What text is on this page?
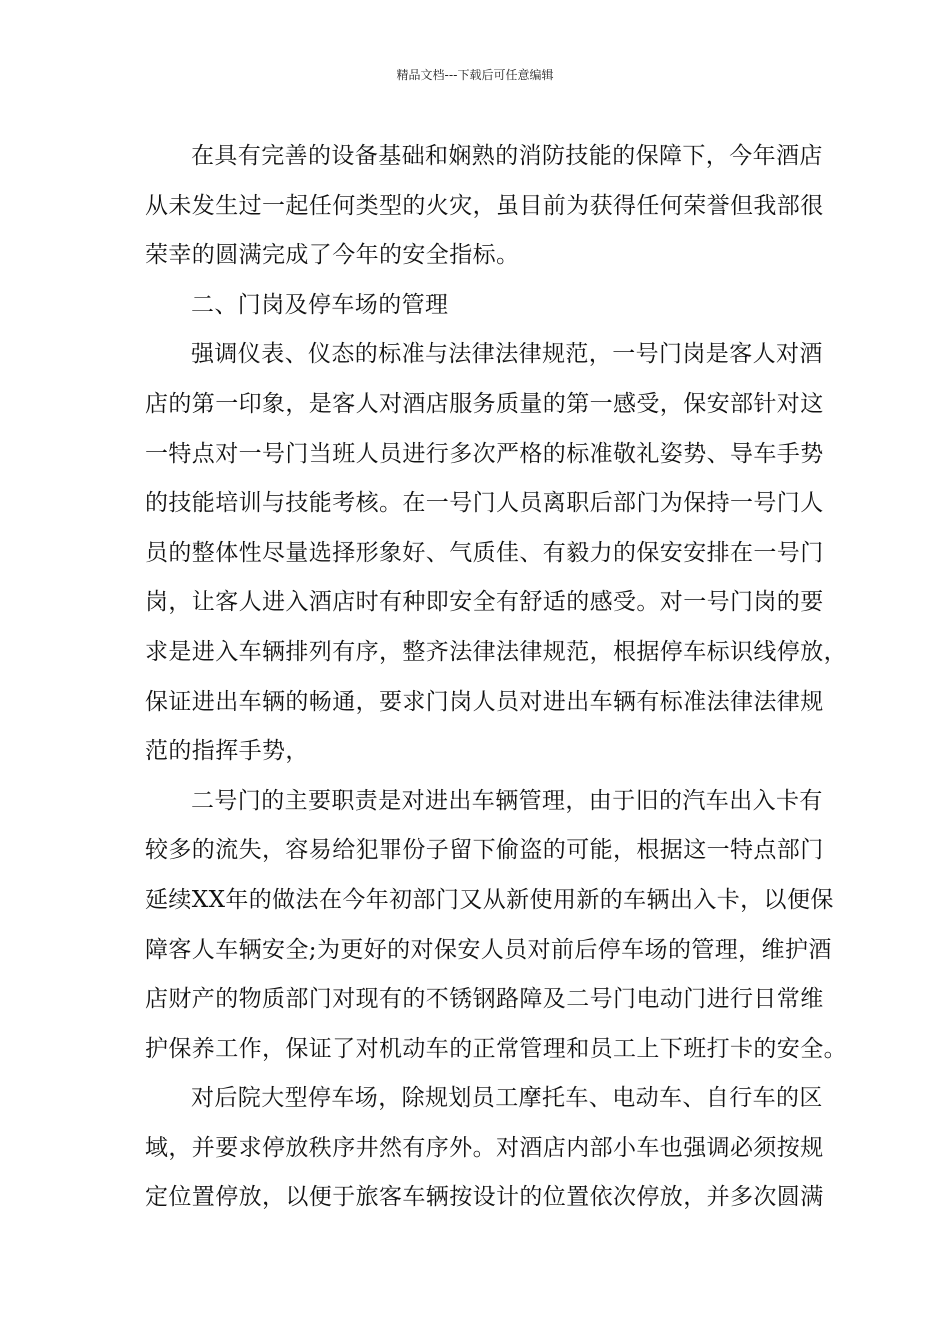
精品文档---下载后可任意编辑

在具有完善的设备基础和娴熟的消防技能的保障下，今年酒店
从未发生过一起任何类型的火灾，虽目前为获得任何荣誉但我部很
荣幸的圆满完成了今年的安全指标。

二、门岗及停车场的管理

强调仪表、仪态的标准与法律法律规范，一号门岗是客人对酒
店的第一印象，是客人对酒店服务质量的第一感受，保安部针对这
一特点对一号门当班人员进行多次严格的标准敬礼姿势、导车手势
的技能培训与技能考核。在一号门人员离职后部门为保持一号门人
员的整体性尽量选择形象好、气质佳、有毅力的保安安排在一号门
岗，让客人进入酒店时有种即安全有舒适的感受。对一号门岗的要
求是进入车辆排列有序，整齐法律法律规范，根据停车标识线停放，
保证进出车辆的畅通，要求门岗人员对进出车辆有标准法律法律规
范的指挥手势，

二号门的主要职责是对进出车辆管理，由于旧的汽车出入卡有
较多的流失，容易给犯罪份子留下偷盗的可能，根据这一特点部门
延续XX年的做法在今年初部门又从新使用新的车辆出入卡，以便保
障客人车辆安全;为更好的对保安人员对前后停车场的管理，维护酒
店财产的物质部门对现有的不锈钢路障及二号门电动门进行日常维
护保养工作，保证了对机动车的正常管理和员工上下班打卡的安全。

对后院大型停车场，除规划员工摩托车、电动车、自行车的区
域，并要求停放秩序井然有序外。对酒店内部小车也强调必须按规
定位置停放，以便于旅客车辆按设计的位置依次停放，并多次圆满
